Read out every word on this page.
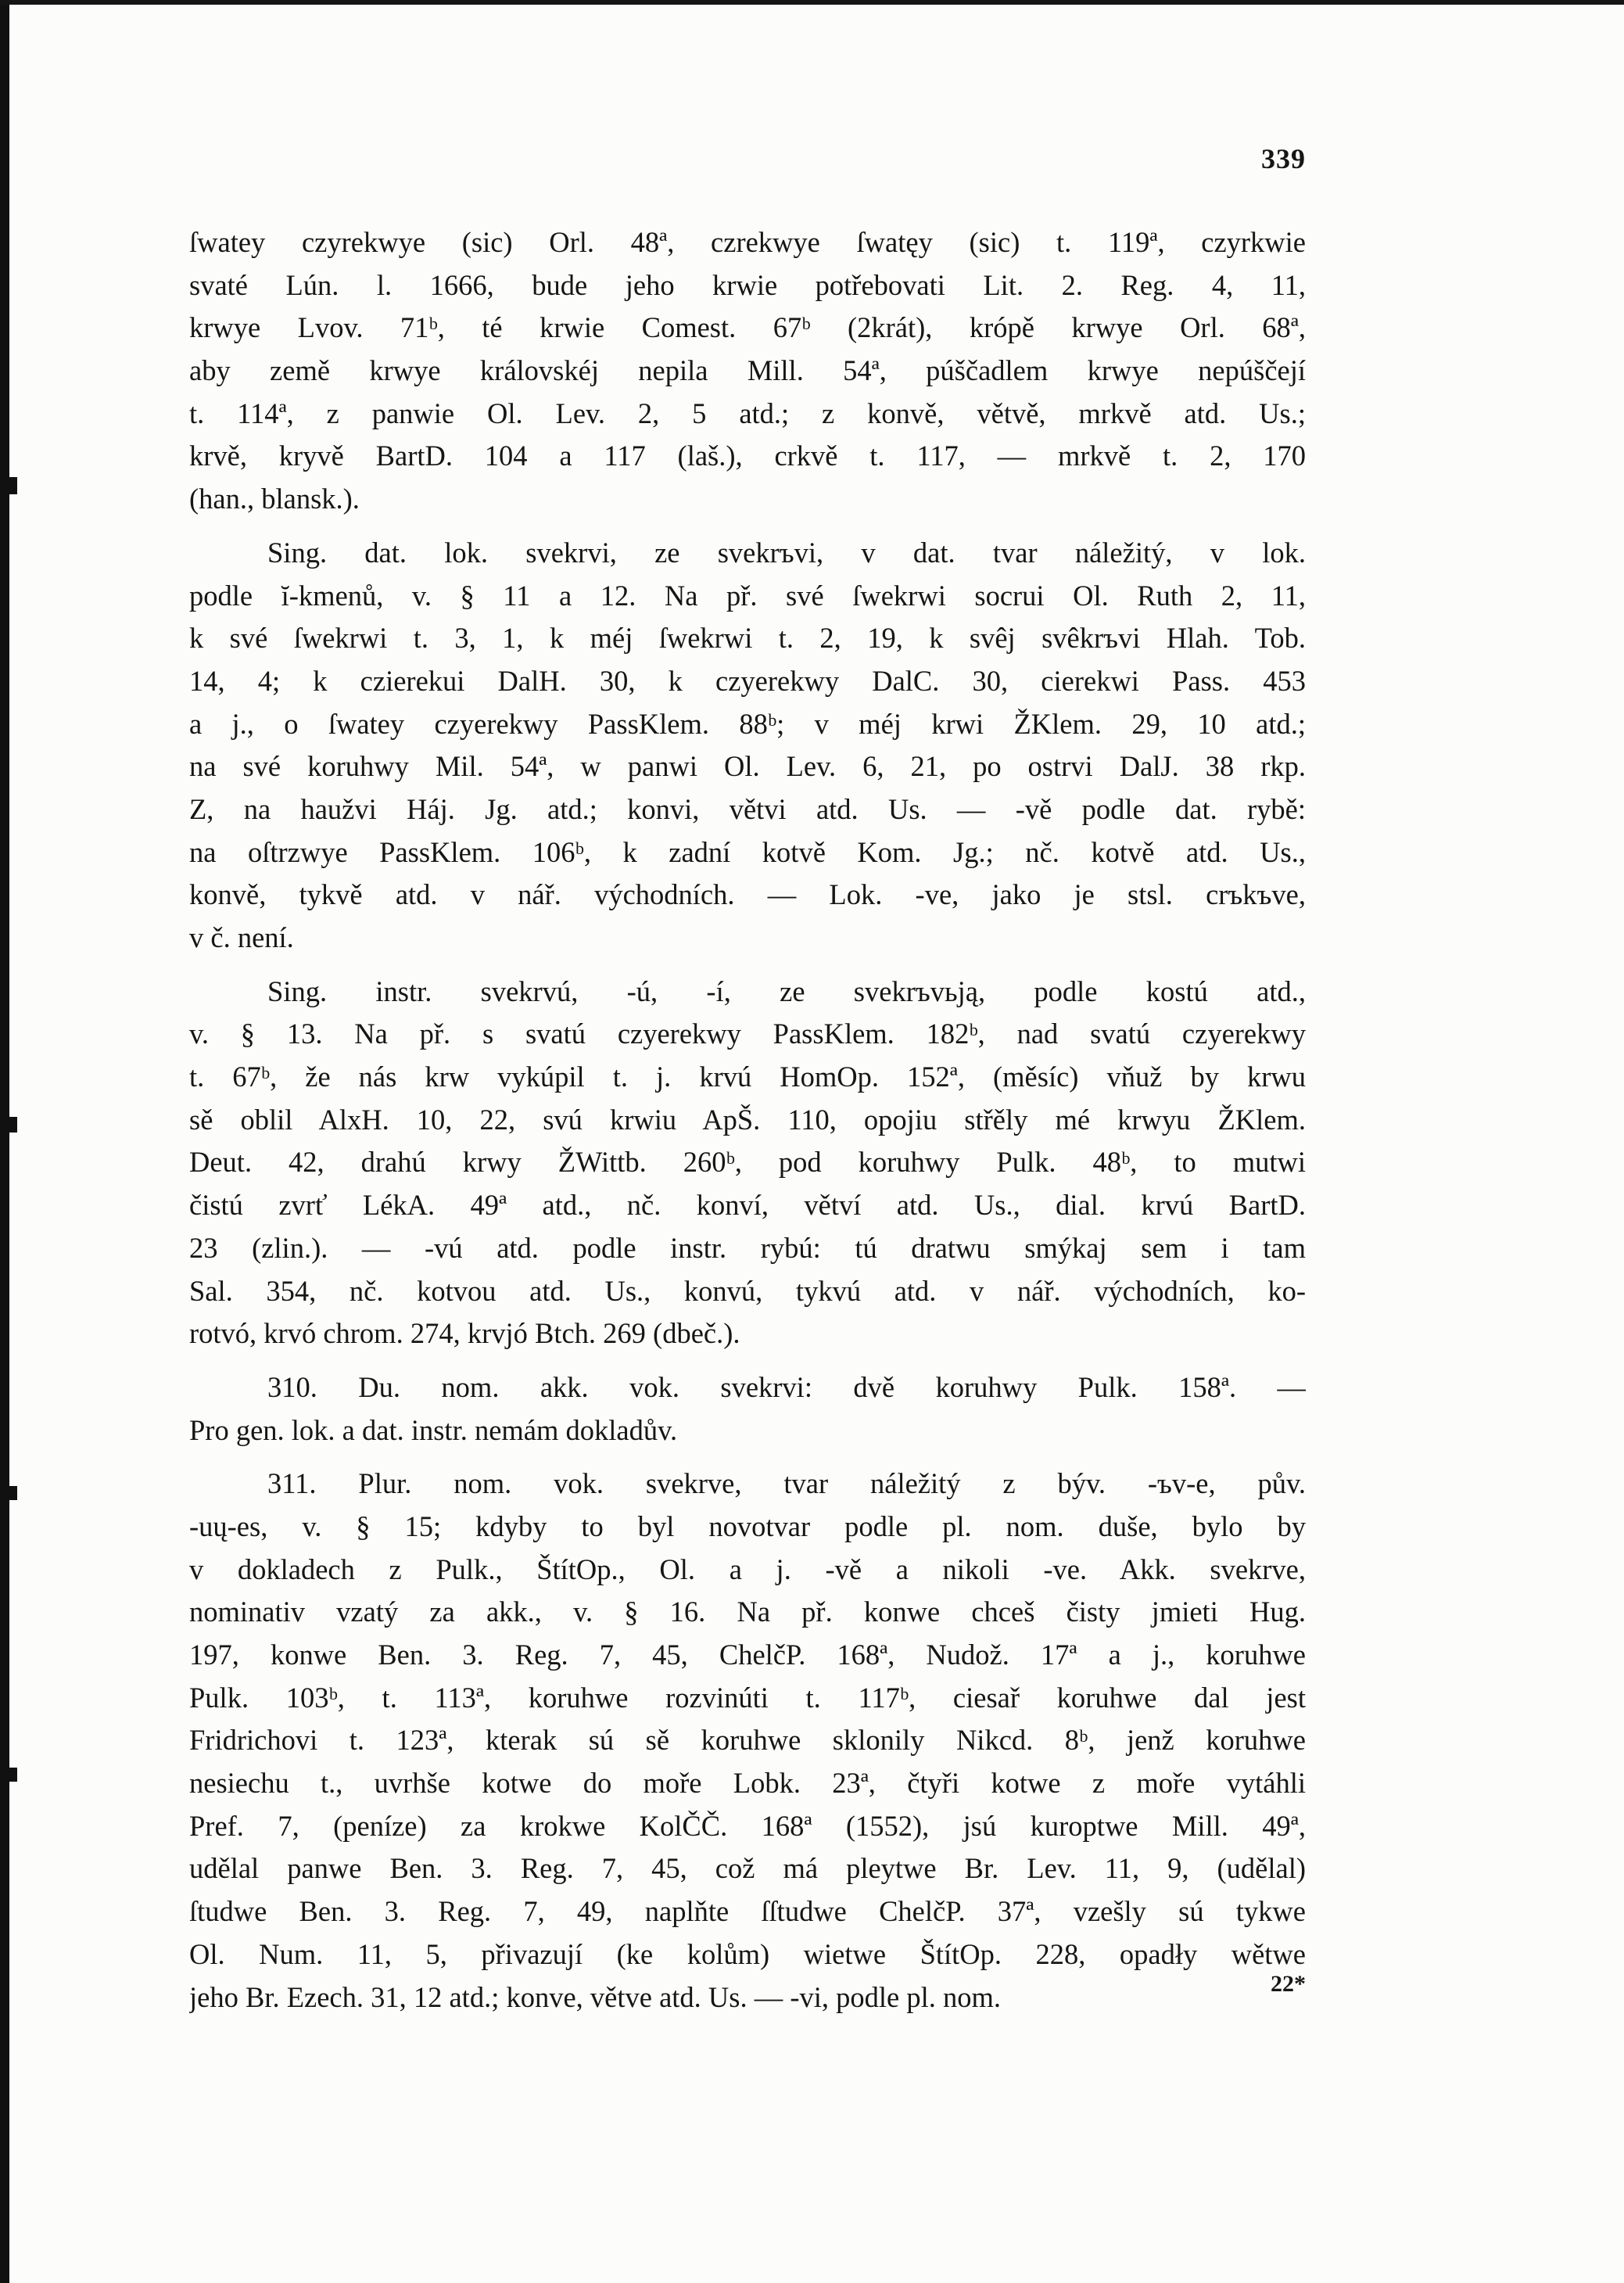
339
ſwatey czyrekwye (sic) Orl. 48ª, czrekwye ſwatęy (sic) t. 119ª, czyrkwie
svaté Lún. l. 1666, bude jeho krwie potřebovati Lit. 2. Reg. 4, 11,
krwye Lvov. 71ᵇ, té krwie Comest. 67ᵇ (2krát), krópě krwye Orl. 68ª,
aby země krwye královskéj nepila Mill. 54ª, púščadlem krwye nepúščejí
t. 114ª, z panwie Ol. Lev. 2, 5 atd.; z konvě, větvě, mrkvě atd. Us.;
krvě, kryvě BartD. 104 a 117 (laš.), crkvě t. 117, — mrkvě t. 2, 170
(han., blansk.).
Sing. dat. lok. svekrvi, ze svekrъvi, v dat. tvar náležitý, v lok.
podle ĭ-kmenů, v. § 11 a 12. Na př. své ſwekrwi socrui Ol. Ruth 2, 11,
k své ſwekrwi t. 3, 1, k méj ſwekrwi t. 2, 19, k svêj svêkrъvi Hlah. Tob.
14, 4; k czierekui DalH. 30, k czyerekwy DalC. 30, cierekwi Pass. 453
a j., o ſwatey czyerekwy PassKlem. 88ᵇ; v méj krwi ŽKlem. 29, 10 atd.;
na své koruhwy Mil. 54ª, w panwi Ol. Lev. 6, 21, po ostrvi DalJ. 38 rkp.
Z, na haužvi Háj. Jg. atd.; konvi, větvi atd. Us. — -vě podle dat. rybě:
na oſtrzwye PassKlem. 106ᵇ, k zadní kotvě Kom. Jg.; nč. kotvě atd. Us.,
konvě, tykvě atd. v nář. východních. — Lok. -ve, jako je stsl. crъkъve,
v č. není.
Sing. instr. svekrvú, -ú, -í, ze svekrъvьją, podle kostú atd.,
v. § 13. Na př. s svatú czyerekwy PassKlem. 182ᵇ, nad svatú czyerekwy
t. 67ᵇ, že nás krw vykúpil t. j. krvú HomOp. 152ª, (měsíc) vňuž by krwu
sě oblil AlxH. 10, 22, svú krwiu ApŠ. 110, opojiu střěly mé krwyu ŽKlem.
Deut. 42, drahú krwy ŽWittb. 260ᵇ, pod koruhwy Pulk. 48ᵇ, to mutwi
čistú zvrť LékA. 49ª atd., nč. konví, větví atd. Us., dial. krvú BartD.
23 (zlin.). — -vú atd. podle instr. rybú: tú dratwu smýkaj sem i tam
Sal. 354, nč. kotvou atd. Us., konvú, tykvú atd. v nář. východních, ko-
rotvó, krvó chrom. 274, krvjó Btch. 269 (dbeč.).
310. Du. nom. akk. vok. svekrvi: dvě koruhwy Pulk. 158ª. —
Pro gen. lok. a dat. instr. nemám dokladův.
311. Plur. nom. vok. svekrve, tvar náležitý z býv. -ъv-e, pův.
-uų-es, v. § 15; kdyby to byl novotvar podle pl. nom. duše, bylo by
v dokladech z Pulk., ŠtítOp., Ol. a j. -vě a nikoli -ve. Akk. svekrve,
nominativ vzatý za akk., v. § 16. Na př. konwe chceš čisty jmieti Hug.
197, konwe Ben. 3. Reg. 7, 45, ChelčP. 168ª, Nudož. 17ª a j., koruhwe
Pulk. 103ᵇ, t. 113ª, koruhwe rozvinúti t. 117ᵇ, ciesař koruhwe dal jest
Fridrichovi t. 123ª, kterak sú sě koruhwe sklonily Nikcd. 8ᵇ, jenž koruhwe
nesiechu t., uvrhše kotwe do moře Lobk. 23ª, čtyři kotwe z moře vytáhli
Pref. 7, (peníze) za krokwe KolČČ. 168ª (1552), jsú kuroptwe Mill. 49ª,
udělal panwe Ben. 3. Reg. 7, 45, což má pleytwe Br. Lev. 11, 9, (udělal)
ſtudwe Ben. 3. Reg. 7, 49, naplňte ſſtudwe ChelčP. 37ª, vzešly sú tykwe
Ol. Num. 11, 5, přivazují (ke kolům) wietwe ŠtítOp. 228, opadły wětwe
jeho Br. Ezech. 31, 12 atd.; konve, větve atd. Us. — -vi, podle pl. nom.	22*
